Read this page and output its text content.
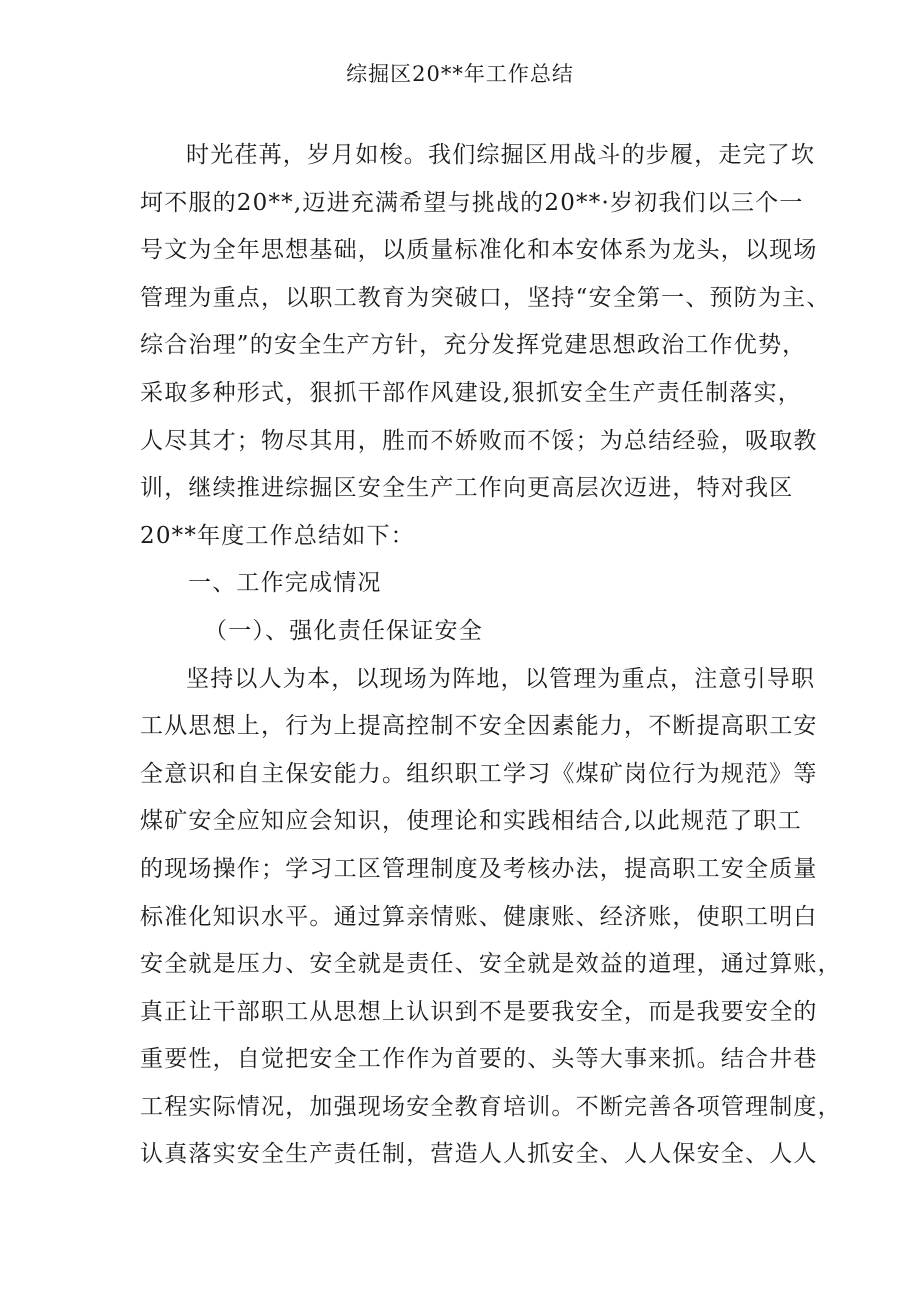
综掘区20**年工作总结
时光荏苒，岁月如梭。我们综掘区用战斗的步履，走完了坎
坷不服的20**,迈进充满希望与挑战的20**·岁初我们以三个一
号文为全年思想基础，以质量标准化和本安体系为龙头，以现场
管理为重点，以职工教育为突破口，坚持“安全第一、预防为主、
综合治理”的安全生产方针，充分发挥党建思想政治工作优势，
采取多种形式，狠抓干部作风建设,狠抓安全生产责任制落实，
人尽其才；物尽其用，胜而不娇败而不馁；为总结经验，吸取教
训，继续推进综掘区安全生产工作向更高层次迈进，特对我区
20**年度工作总结如下：
一、工作完成情况
（一）、强化责任保证安全
坚持以人为本，以现场为阵地，以管理为重点，注意引导职
工从思想上，行为上提高控制不安全因素能力，不断提高职工安
全意识和自主保安能力。组织职工学习《煤矿岗位行为规范》等
煤矿安全应知应会知识，使理论和实践相结合,以此规范了职工
的现场操作；学习工区管理制度及考核办法，提高职工安全质量
标准化知识水平。通过算亲情账、健康账、经济账，使职工明白
安全就是压力、安全就是责任、安全就是效益的道理，通过算账，
真正让干部职工从思想上认识到不是要我安全，而是我要安全的
重要性，自觉把安全工作作为首要的、头等大事来抓。结合井巷
工程实际情况，加强现场安全教育培训。不断完善各项管理制度，
认真落实安全生产责任制，营造人人抓安全、人人保安全、人人
